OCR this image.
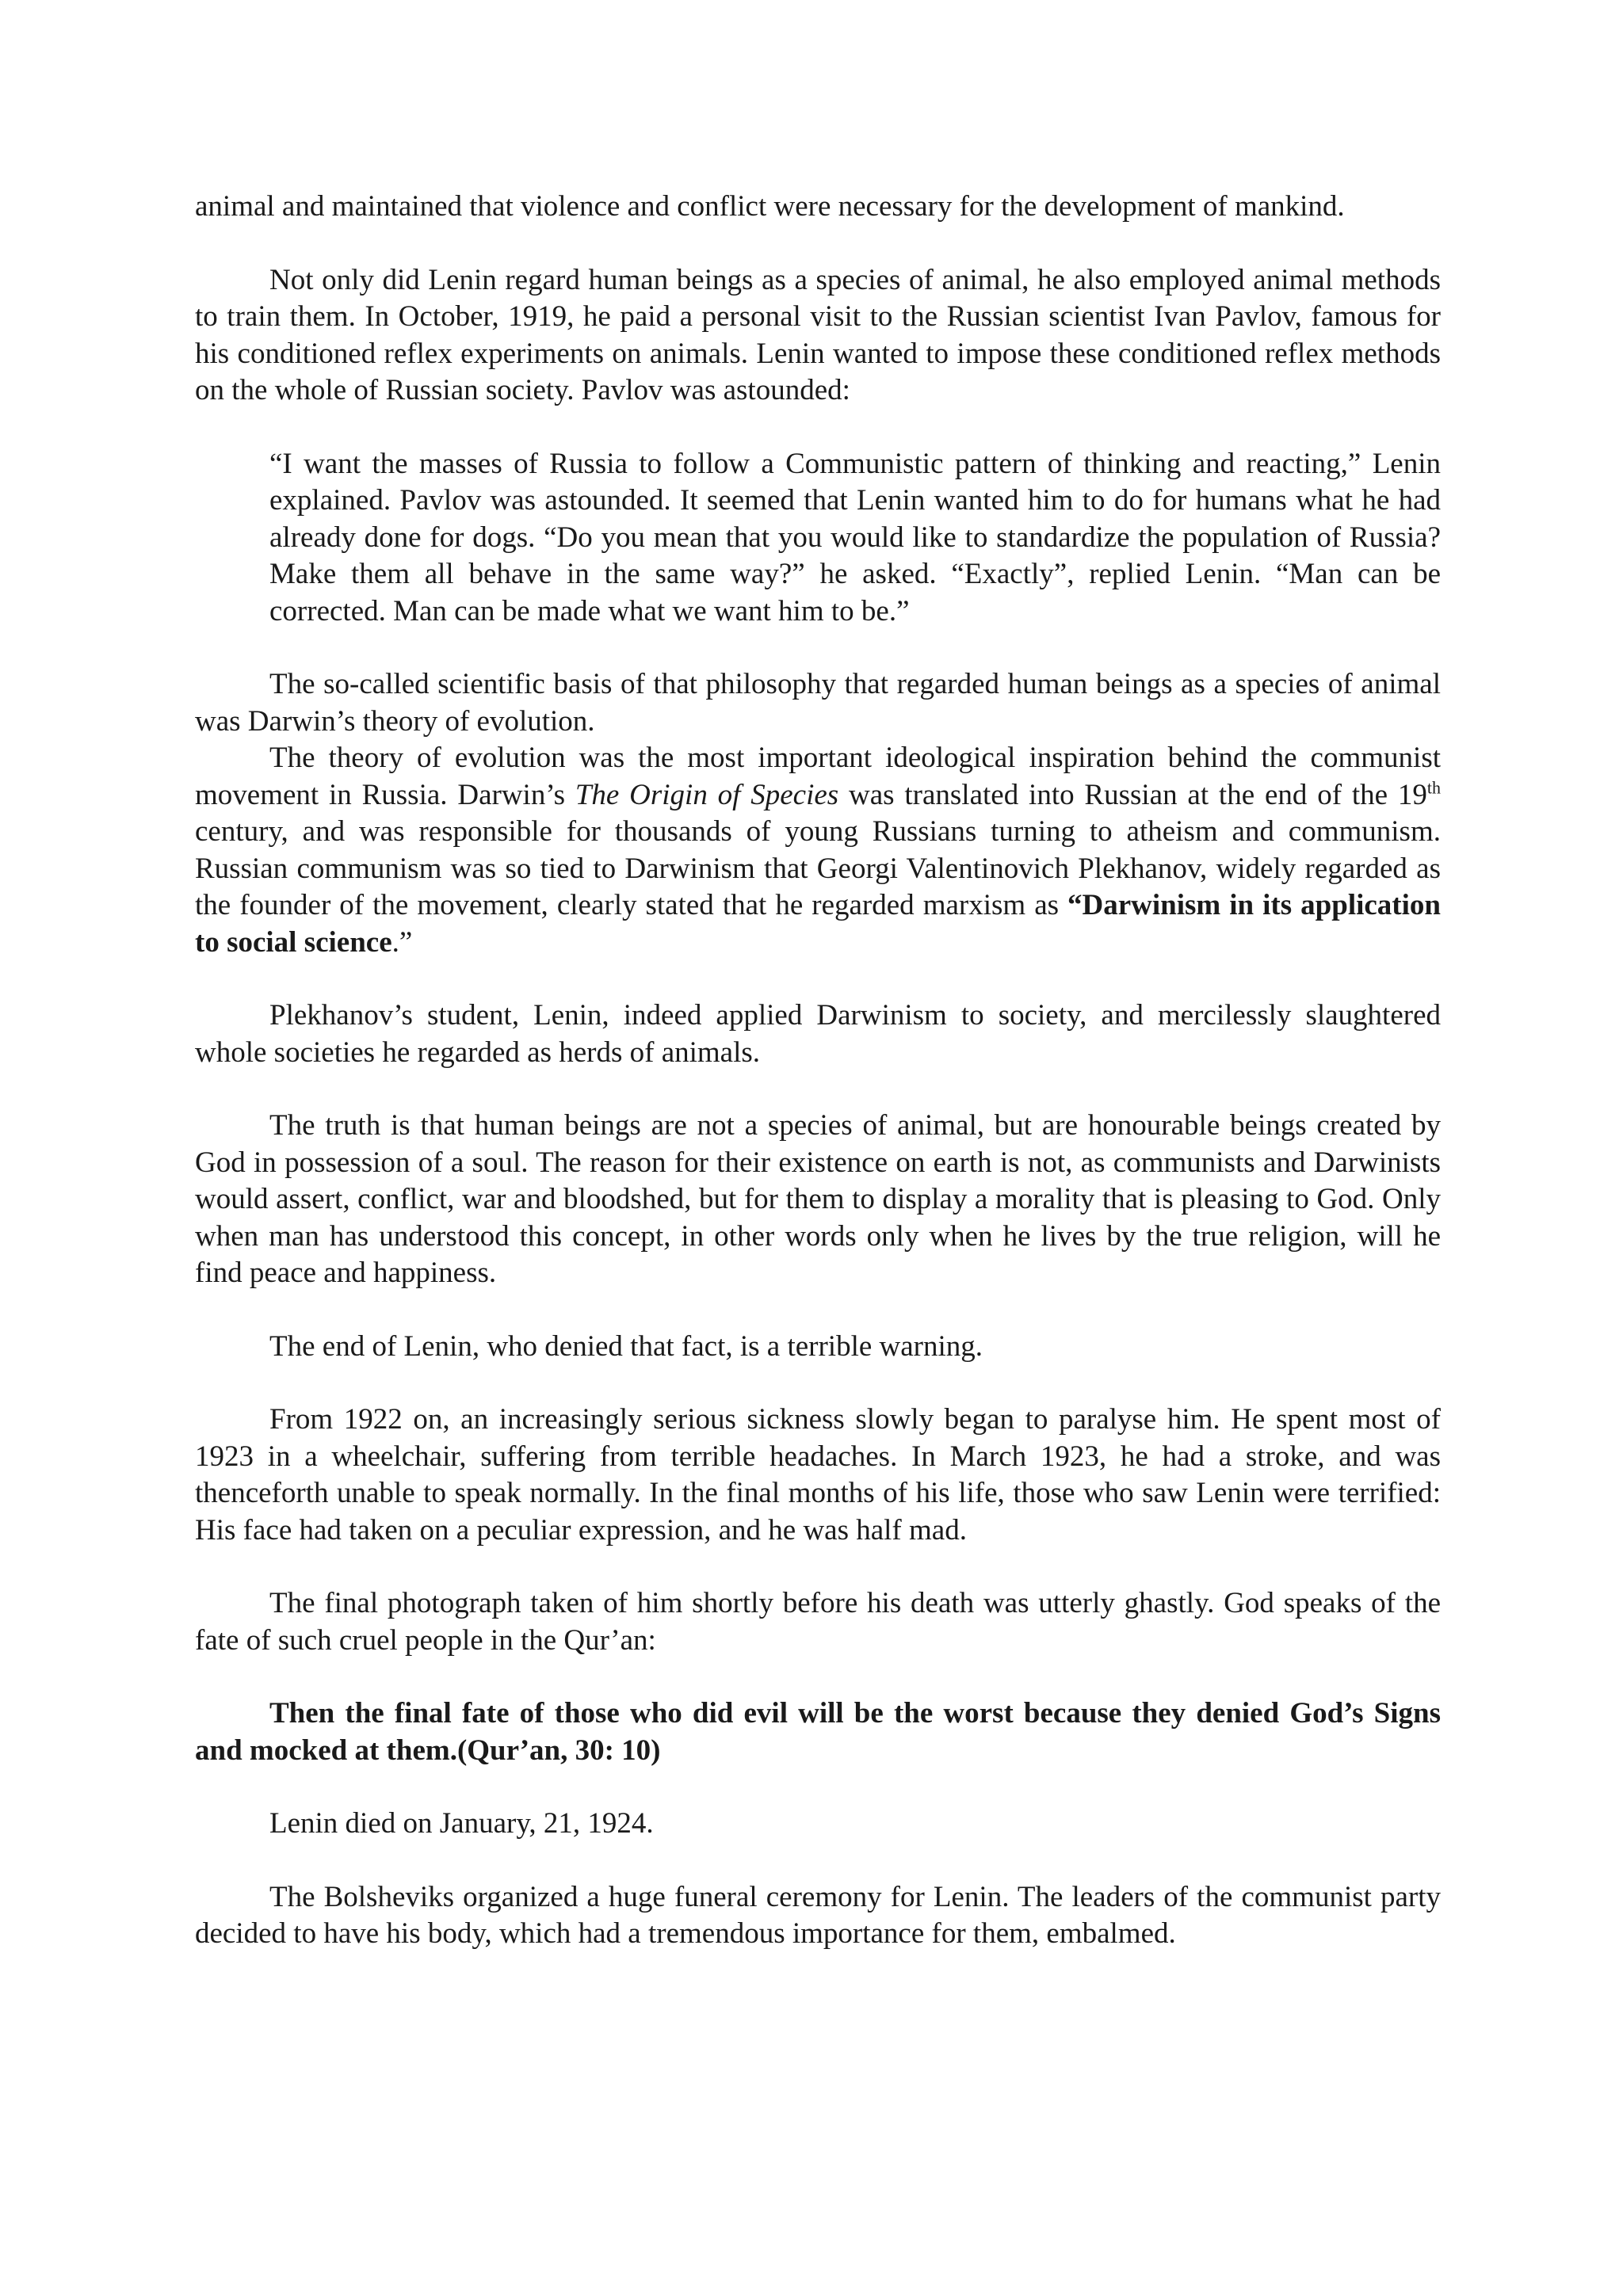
animal and maintained that violence and conflict were necessary for the development of mankind.

Not only did Lenin regard human beings as a species of animal, he also employed animal methods to train them. In October, 1919, he paid a personal visit to the Russian scientist Ivan Pavlov, famous for his conditioned reflex experiments on animals. Lenin wanted to impose these conditioned reflex methods on the whole of Russian society. Pavlov was astounded:

“I want the masses of Russia to follow a Communistic pattern of thinking and reacting,” Lenin explained. Pavlov was astounded. It seemed that Lenin wanted him to do for humans what he had already done for dogs. “Do you mean that you would like to standardize the population of Russia? Make them all behave in the same way?” he asked. “Exactly”, replied Lenin. “Man can be corrected. Man can be made what we want him to be.”

The so-called scientific basis of that philosophy that regarded human beings as a species of animal was Darwin’s theory of evolution.

The theory of evolution was the most important ideological inspiration behind the communist movement in Russia. Darwin’s The Origin of Species was translated into Russian at the end of the 19th century, and was responsible for thousands of young Russians turning to atheism and communism. Russian communism was so tied to Darwinism that Georgi Valentinovich Plekhanov, widely regarded as the founder of the movement, clearly stated that he regarded marxism as “Darwinism in its application to social science.”

Plekhanov’s student, Lenin, indeed applied Darwinism to society, and mercilessly slaughtered whole societies he regarded as herds of animals.

The truth is that human beings are not a species of animal, but are honourable beings created by God in possession of a soul. The reason for their existence on earth is not, as communists and Darwinists would assert, conflict, war and bloodshed, but for them to display a morality that is pleasing to God. Only when man has understood this concept, in other words only when he lives by the true religion, will he find peace and happiness.

The end of Lenin, who denied that fact, is a terrible warning.

From 1922 on, an increasingly serious sickness slowly began to paralyse him. He spent most of 1923 in a wheelchair, suffering from terrible headaches. In March 1923, he had a stroke, and was thenceforth unable to speak normally. In the final months of his life, those who saw Lenin were terrified: His face had taken on a peculiar expression, and he was half mad.

The final photograph taken of him shortly before his death was utterly ghastly. God speaks of the fate of such cruel people in the Qur’an:

Then the final fate of those who did evil will be the worst because they denied God’s Signs and mocked at them.(Qur’an, 30: 10)

Lenin died on January, 21, 1924.

The Bolsheviks organized a huge funeral ceremony for Lenin. The leaders of the communist party decided to have his body, which had a tremendous importance for them, embalmed.
